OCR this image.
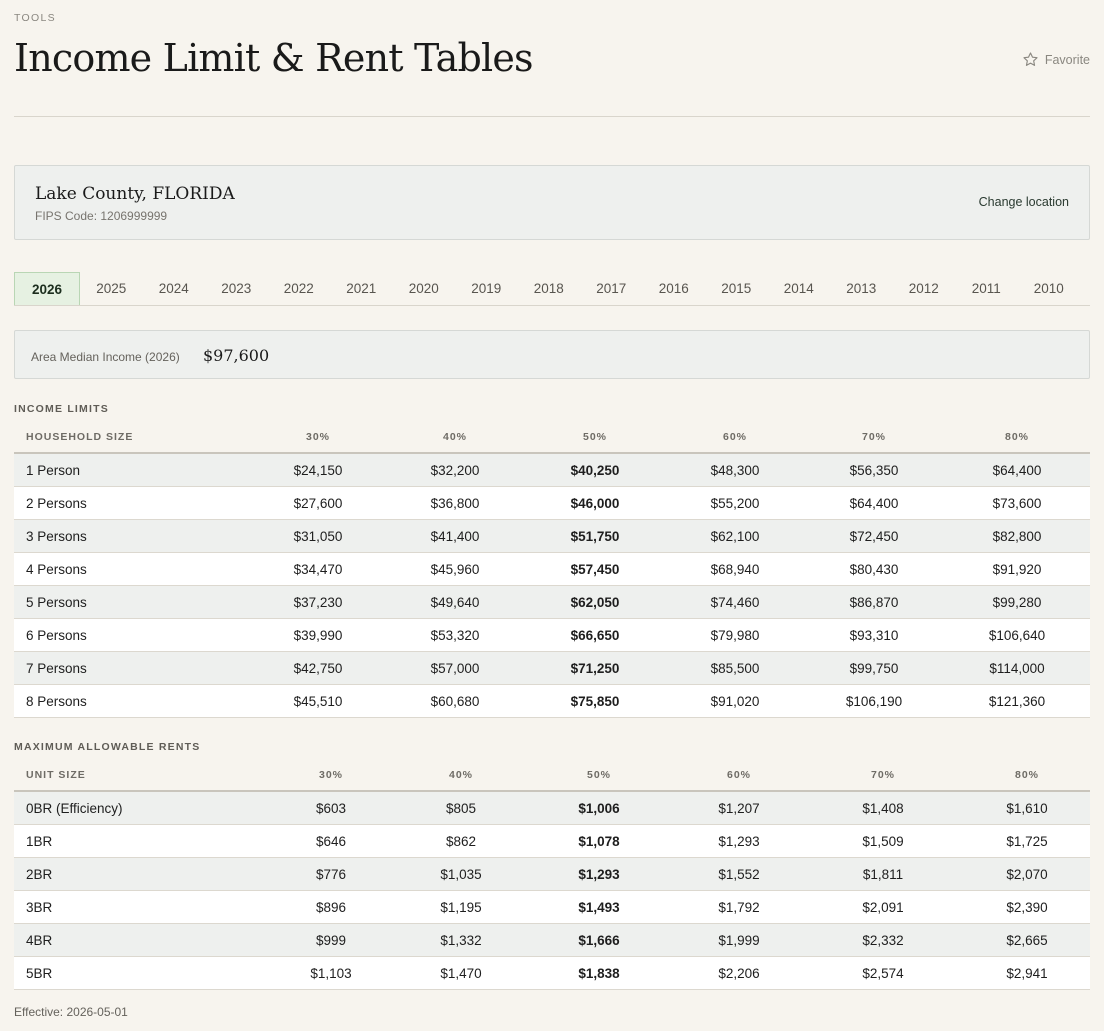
TOOLS
Income Limit & Rent Tables	Favorite
Lake County, FLORIDA
FIPS Code: 1206999999
Change location
2026	2025	2024	2023	2022	2021	2020	2019	2018	2017	2016	2015	2014	2013	2012	2011	2010
Area Median Income (2026) $97,600
INCOME LIMITS
HOUSEHOLD SIZE	30%	40%	50%	60%	70%	80%
1 Person	$24,150	$32,200	$40,250	$48,300	$56,350	$64,400
2 Persons	$27,600	$36,800	$46,000	$55,200	$64,400	$73,600
3 Persons	$31,050	$41,400	$51,750	$62,100	$72,450	$82,800
4 Persons	$34,470	$45,960	$57,450	$68,940	$80,430	$91,920
5 Persons	$37,230	$49,640	$62,050	$74,460	$86,870	$99,280
6 Persons	$39,990	$53,320	$66,650	$79,980	$93,310	$106,640
7 Persons	$42,750	$57,000	$71,250	$85,500	$99,750	$114,000
8 Persons	$45,510	$60,680	$75,850	$91,020	$106,190	$121,360
MAXIMUM ALLOWABLE RENTS
UNIT SIZE	30%	40%	50%	60%	70%	80%
0BR (Efficiency)	$603	$805	$1,006	$1,207	$1,408	$1,610
1BR	$646	$862	$1,078	$1,293	$1,509	$1,725
2BR	$776	$1,035	$1,293	$1,552	$1,811	$2,070
3BR	$896	$1,195	$1,493	$1,792	$2,091	$2,390
4BR	$999	$1,332	$1,666	$1,999	$2,332	$2,665
5BR	$1,103	$1,470	$1,838	$2,206	$2,574	$2,941
Effective: 2026-05-01
